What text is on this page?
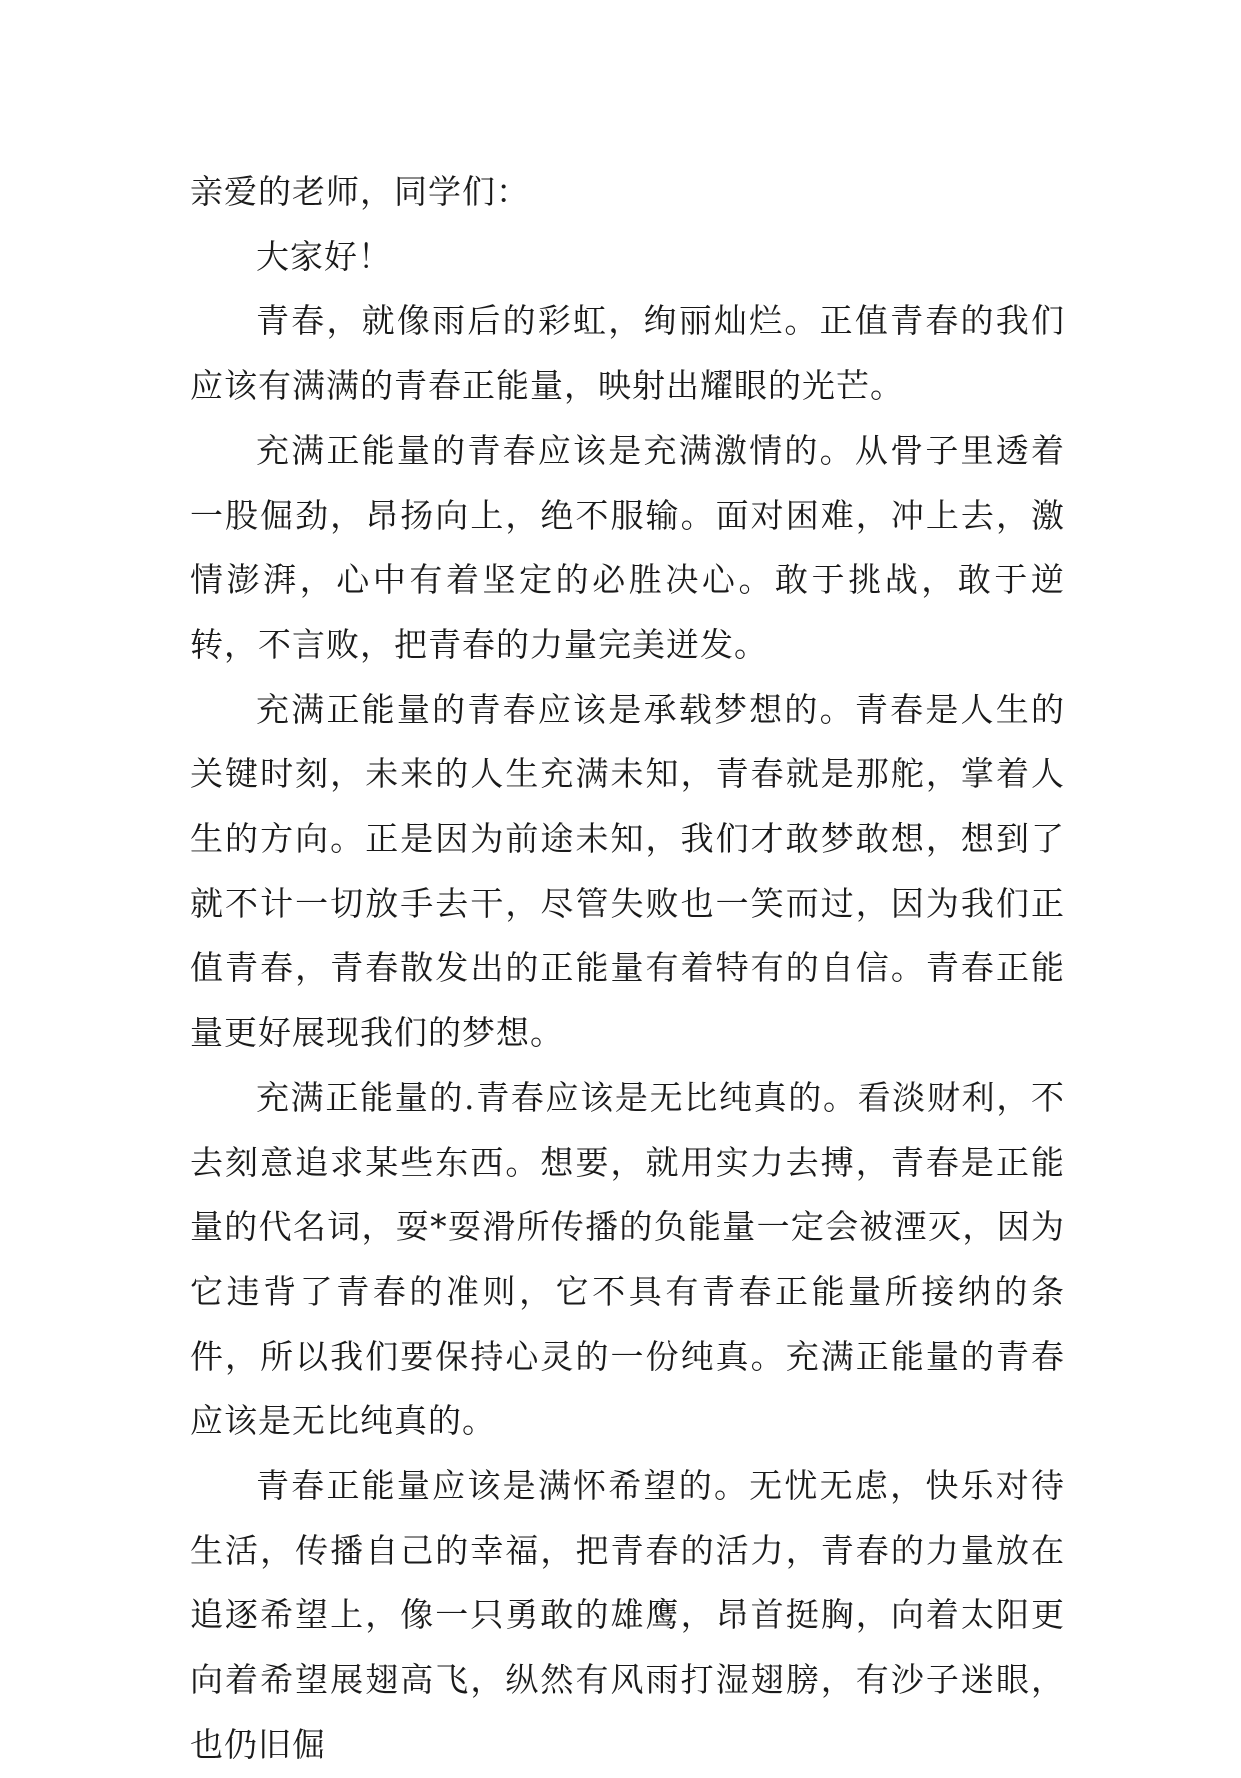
亲爱的老师，同学们：

大家好！

青春，就像雨后的彩虹，绚丽灿烂。正值青春的我们应该有满满的青春正能量，映射出耀眼的光芒。

充满正能量的青春应该是充满激情的。从骨子里透着一股倔劲，昂扬向上，绝不服输。面对困难，冲上去，激情澎湃，心中有着坚定的必胜决心。敢于挑战，敢于逆转，不言败，把青春的力量完美迸发。

充满正能量的青春应该是承载梦想的。青春是人生的关键时刻，未来的人生充满未知，青春就是那舵，掌着人生的方向。正是因为前途未知，我们才敢梦敢想，想到了就不计一切放手去干，尽管失败也一笑而过，因为我们正值青春，青春散发出的正能量有着特有的自信。青春正能量更好展现我们的梦想。

充满正能量的.青春应该是无比纯真的。看淡财利，不去刻意追求某些东西。想要，就用实力去搏，青春是正能量的代名词，耍*耍滑所传播的负能量一定会被湮灭，因为它违背了青春的准则，它不具有青春正能量所接纳的条件，所以我们要保持心灵的一份纯真。充满正能量的青春应该是无比纯真的。

青春正能量应该是满怀希望的。无忧无虑，快乐对待生活，传播自己的幸福，把青春的活力，青春的力量放在追逐希望上，像一只勇敢的雄鹰，昂首挺胸，向着太阳更向着希望展翅高飞，纵然有风雨打湿翅膀，有沙子迷眼，也仍旧倔
